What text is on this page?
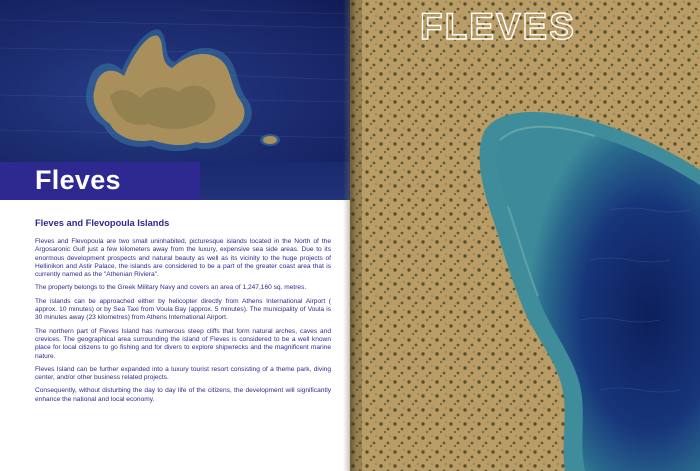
Fleves
Fleves and Flevopoula Islands

Fleves and Flevopoula are two small uninhabited, picturesque islands located in the North of the Argosaronic Gulf just a few kilometers away from the luxury, expensive sea side areas. Due to its enormous development prospects and natural beauty as well as its vicinity to the huge projects of Hellinikon and Astir Palace, the islands are considered to be a part of the greater coast area that is currently named as the "Athenian Riviera".

The property belongs to the Greek Military Navy and covers an area of 1,247,160 sq. metres.

The islands can be approached either by helicopter directly from Athens International Airport ( approx. 10 minutes) or by Sea Taxi from Voula Bay (approx. 5 minutes). The municipality of Voula is 30 minutes away (23 kilometres) from Athens International Airport.

The northern part of Fleves Island has numerous steep cliffs that form natural arches, caves and crevices. The geographical area surrounding the island of Fleves is considered to be a well known place for local citizens to go fishing and for divers to explore shipwrecks and the magnificent marine nature.

Fleves Island can be further expanded into a luxury tourist resort consisting of a theme park, diving center, and/or other business related projects.

Consequently, without disturbing the day to day life of the citizens, the development will significantly enhance the national and local economy.

FLEVES
